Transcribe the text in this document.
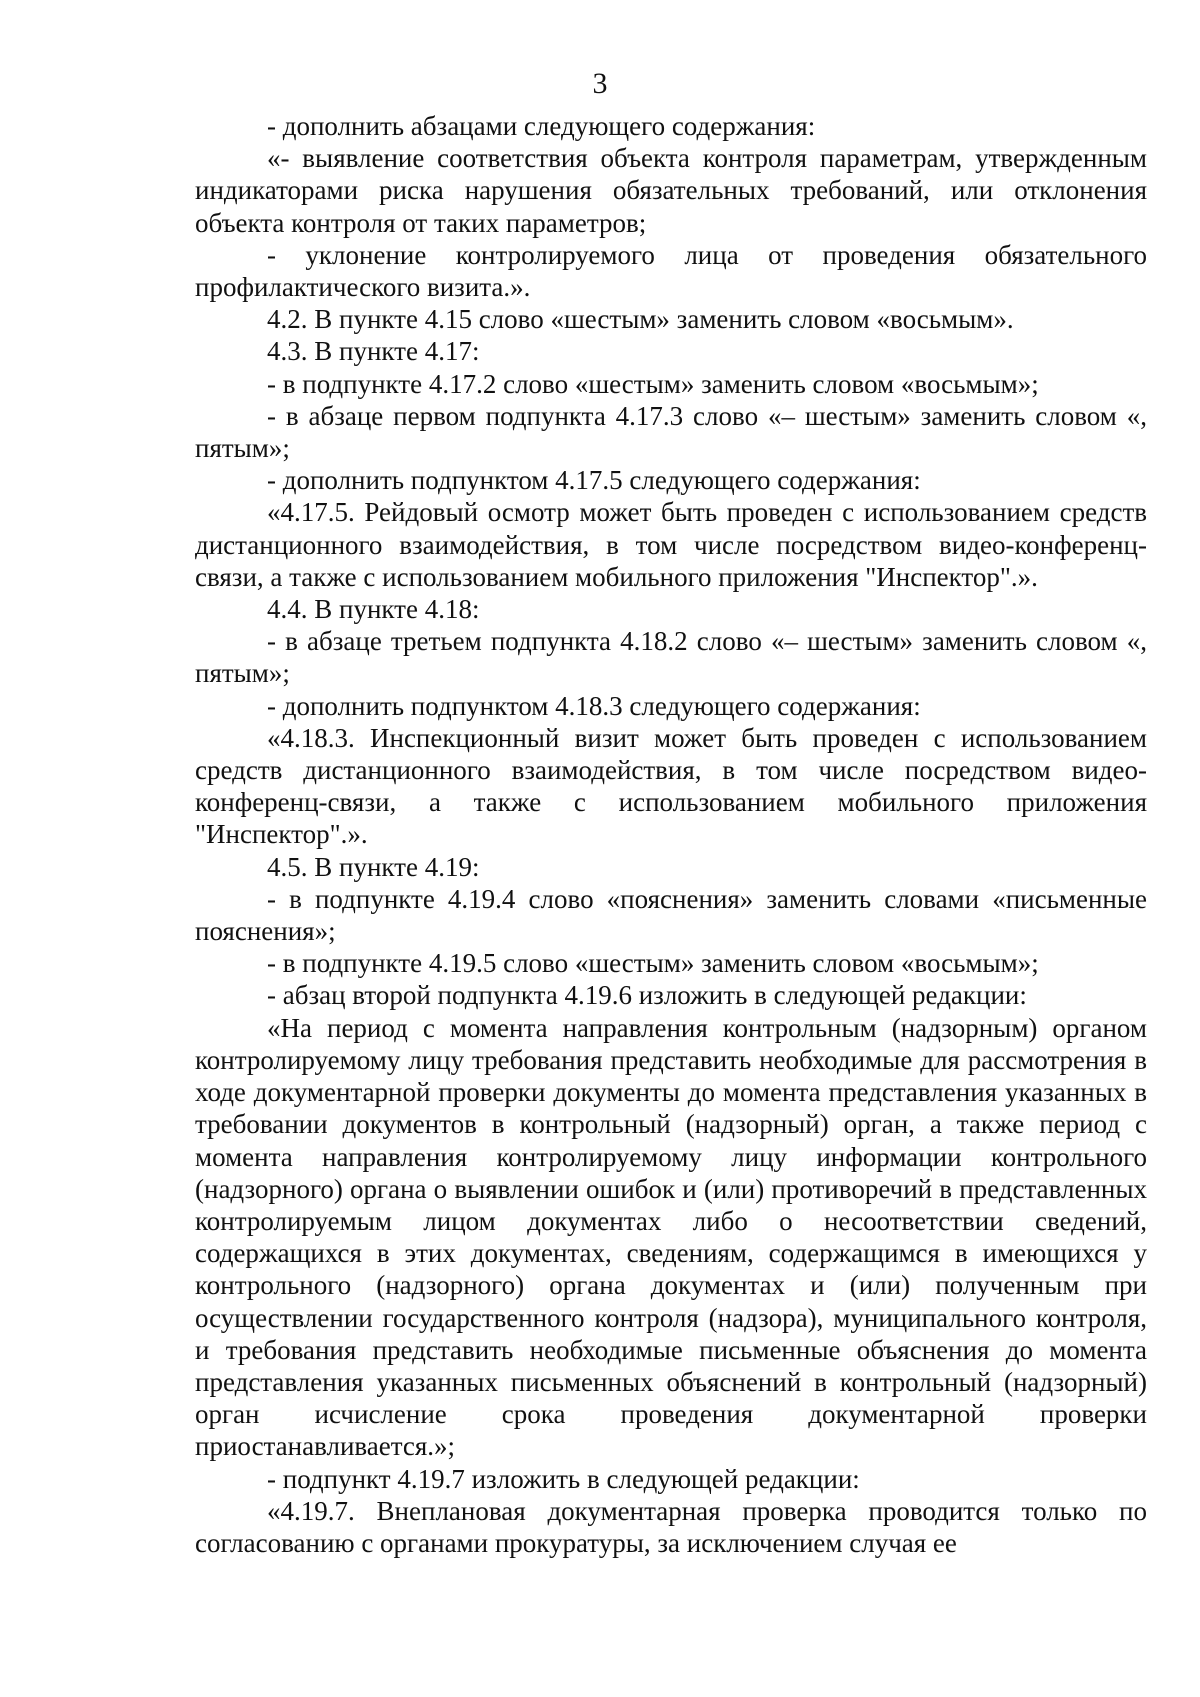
3

- дополнить абзацами следующего содержания:

«- выявление соответствия объекта контроля параметрам, утвержденным индикаторами риска нарушения обязательных требований, или отклонения объекта контроля от таких параметров;

- уклонение контролируемого лица от проведения обязательного профилактического визита.».

4.2. В пункте 4.15 слово «шестым» заменить словом «восьмым».

4.3. В пункте 4.17:

- в подпункте 4.17.2 слово «шестым» заменить словом «восьмым»;

- в абзаце первом подпункта 4.17.3 слово «– шестым» заменить словом «, пятым»;

- дополнить подпунктом 4.17.5 следующего содержания:

«4.17.5. Рейдовый осмотр может быть проведен с использованием средств дистанционного взаимодействия, в том числе посредством видео-конференц-связи, а также с использованием мобильного приложения "Инспектор".».

4.4. В пункте 4.18:

- в абзаце третьем подпункта 4.18.2 слово «– шестым» заменить словом «, пятым»;

- дополнить подпунктом 4.18.3 следующего содержания:

«4.18.3. Инспекционный визит может быть проведен с использованием средств дистанционного взаимодействия, в том числе посредством видео-конференц-связи, а также с использованием мобильного приложения "Инспектор".».

4.5. В пункте 4.19:

- в подпункте 4.19.4 слово «пояснения» заменить словами «письменные пояснения»;

- в подпункте 4.19.5 слово «шестым» заменить словом «восьмым»;

- абзац второй подпункта 4.19.6 изложить в следующей редакции:

«На период с момента направления контрольным (надзорным) органом контролируемому лицу требования представить необходимые для рассмотрения в ходе документарной проверки документы до момента представления указанных в требовании документов в контрольный (надзорный) орган, а также период с момента направления контролируемому лицу информации контрольного (надзорного) органа о выявлении ошибок и (или) противоречий в представленных контролируемым лицом документах либо о несоответствии сведений, содержащихся в этих документах, сведениям, содержащимся в имеющихся у контрольного (надзорного) органа документах и (или) полученным при осуществлении государственного контроля (надзора), муниципального контроля, и требования представить необходимые письменные объяснения до момента представления указанных письменных объяснений в контрольный (надзорный) орган исчисление срока проведения документарной проверки приостанавливается.»;

- подпункт 4.19.7 изложить в следующей редакции:

«4.19.7. Внеплановая документарная проверка проводится только по согласованию с органами прокуратуры, за исключением случая ее
